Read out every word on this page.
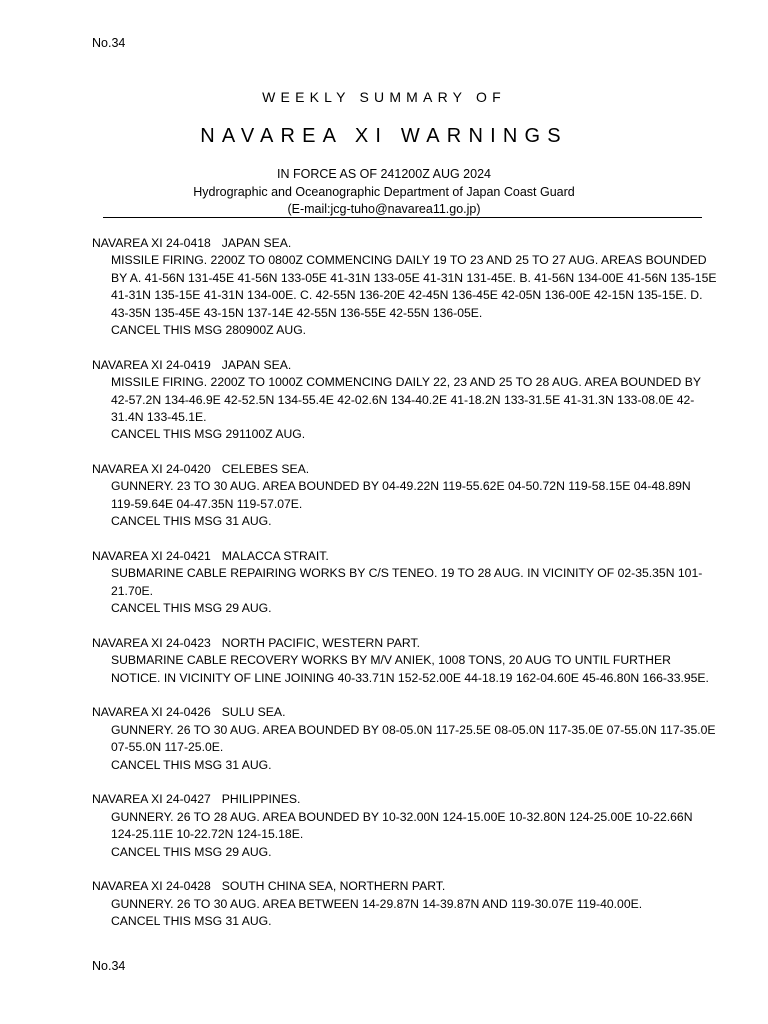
No.34
WEEKLY SUMMARY OF
NAVAREA XI WARNINGS
IN FORCE AS OF 241200Z AUG 2024
Hydrographic and Oceanographic Department of Japan Coast Guard
(E-mail:jcg-tuho@navarea11.go.jp)
NAVAREA XI 24-0418 JAPAN SEA.
MISSILE FIRING. 2200Z TO 0800Z COMMENCING DAILY 19 TO 23 AND 25 TO 27 AUG. AREAS BOUNDED BY A. 41-56N 131-45E 41-56N 133-05E 41-31N 133-05E 41-31N 131-45E. B. 41-56N 134-00E 41-56N 135-15E 41-31N 135-15E 41-31N 134-00E. C. 42-55N 136-20E 42-45N 136-45E 42-05N 136-00E 42-15N 135-15E. D. 43-35N 135-45E 43-15N 137-14E 42-55N 136-55E 42-55N 136-05E.
CANCEL THIS MSG 280900Z AUG.
NAVAREA XI 24-0419 JAPAN SEA.
MISSILE FIRING. 2200Z TO 1000Z COMMENCING DAILY 22, 23 AND 25 TO 28 AUG. AREA BOUNDED BY 42-57.2N 134-46.9E 42-52.5N 134-55.4E 42-02.6N 134-40.2E 41-18.2N 133-31.5E 41-31.3N 133-08.0E 42-31.4N 133-45.1E.
CANCEL THIS MSG 291100Z AUG.
NAVAREA XI 24-0420 CELEBES SEA.
GUNNERY. 23 TO 30 AUG. AREA BOUNDED BY 04-49.22N 119-55.62E 04-50.72N 119-58.15E 04-48.89N 119-59.64E 04-47.35N 119-57.07E.
CANCEL THIS MSG 31 AUG.
NAVAREA XI 24-0421 MALACCA STRAIT.
SUBMARINE CABLE REPAIRING WORKS BY C/S TENEO. 19 TO 28 AUG. IN VICINITY OF 02-35.35N 101-21.70E.
CANCEL THIS MSG 29 AUG.
NAVAREA XI 24-0423 NORTH PACIFIC, WESTERN PART.
SUBMARINE CABLE RECOVERY WORKS BY M/V ANIEK, 1008 TONS, 20 AUG TO UNTIL FURTHER NOTICE. IN VICINITY OF LINE JOINING 40-33.71N 152-52.00E 44-18.19 162-04.60E 45-46.80N 166-33.95E.
NAVAREA XI 24-0426 SULU SEA.
GUNNERY. 26 TO 30 AUG. AREA BOUNDED BY 08-05.0N 117-25.5E 08-05.0N 117-35.0E 07-55.0N 117-35.0E 07-55.0N 117-25.0E.
CANCEL THIS MSG 31 AUG.
NAVAREA XI 24-0427 PHILIPPINES.
GUNNERY. 26 TO 28 AUG. AREA BOUNDED BY 10-32.00N 124-15.00E 10-32.80N 124-25.00E 10-22.66N 124-25.11E 10-22.72N 124-15.18E.
CANCEL THIS MSG 29 AUG.
NAVAREA XI 24-0428 SOUTH CHINA SEA, NORTHERN PART.
GUNNERY. 26 TO 30 AUG. AREA BETWEEN 14-29.87N 14-39.87N AND 119-30.07E 119-40.00E.
CANCEL THIS MSG 31 AUG.
No.34
